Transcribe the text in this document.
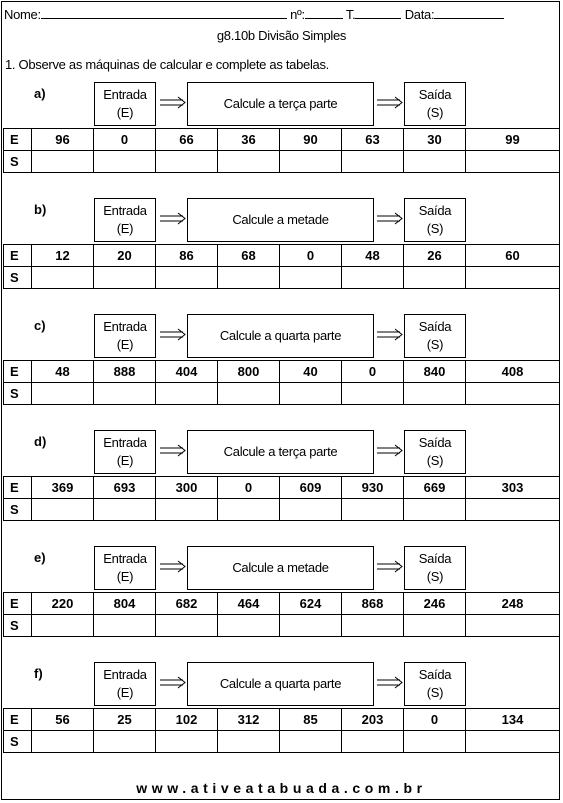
Nome:	nº:	T.	Data:
g8.10b Divisão Simples
1. Observe as máquinas de calcular e complete as tabelas.
a)	Entrada
(E)
Calcule a terça parte
Saída
(S)
E	96	0	66	36	90	63	30	99
S								
b)	Entrada
(E)
Calcule a metade
Saída
(S)
E	12	20	86	68	0	48	26	60
S								
c)	Entrada
(E)
Calcule a quarta parte
Saída
(S)
E	48	888	404	800	40	0	840	408
S								
d)	Entrada
(E)
Calcule a terça parte
Saída
(S)
E	369	693	300	0	609	930	669	303
S								
e)	Entrada
(E)
Calcule a metade
Saída
(S)
E	220	804	682	464	624	868	246	248
S								
f)	Entrada
(E)
Calcule a quarta parte
Saída
(S)
E	56	25	102	312	85	203	0	134
S								
www.ativeatabuada.com.br
